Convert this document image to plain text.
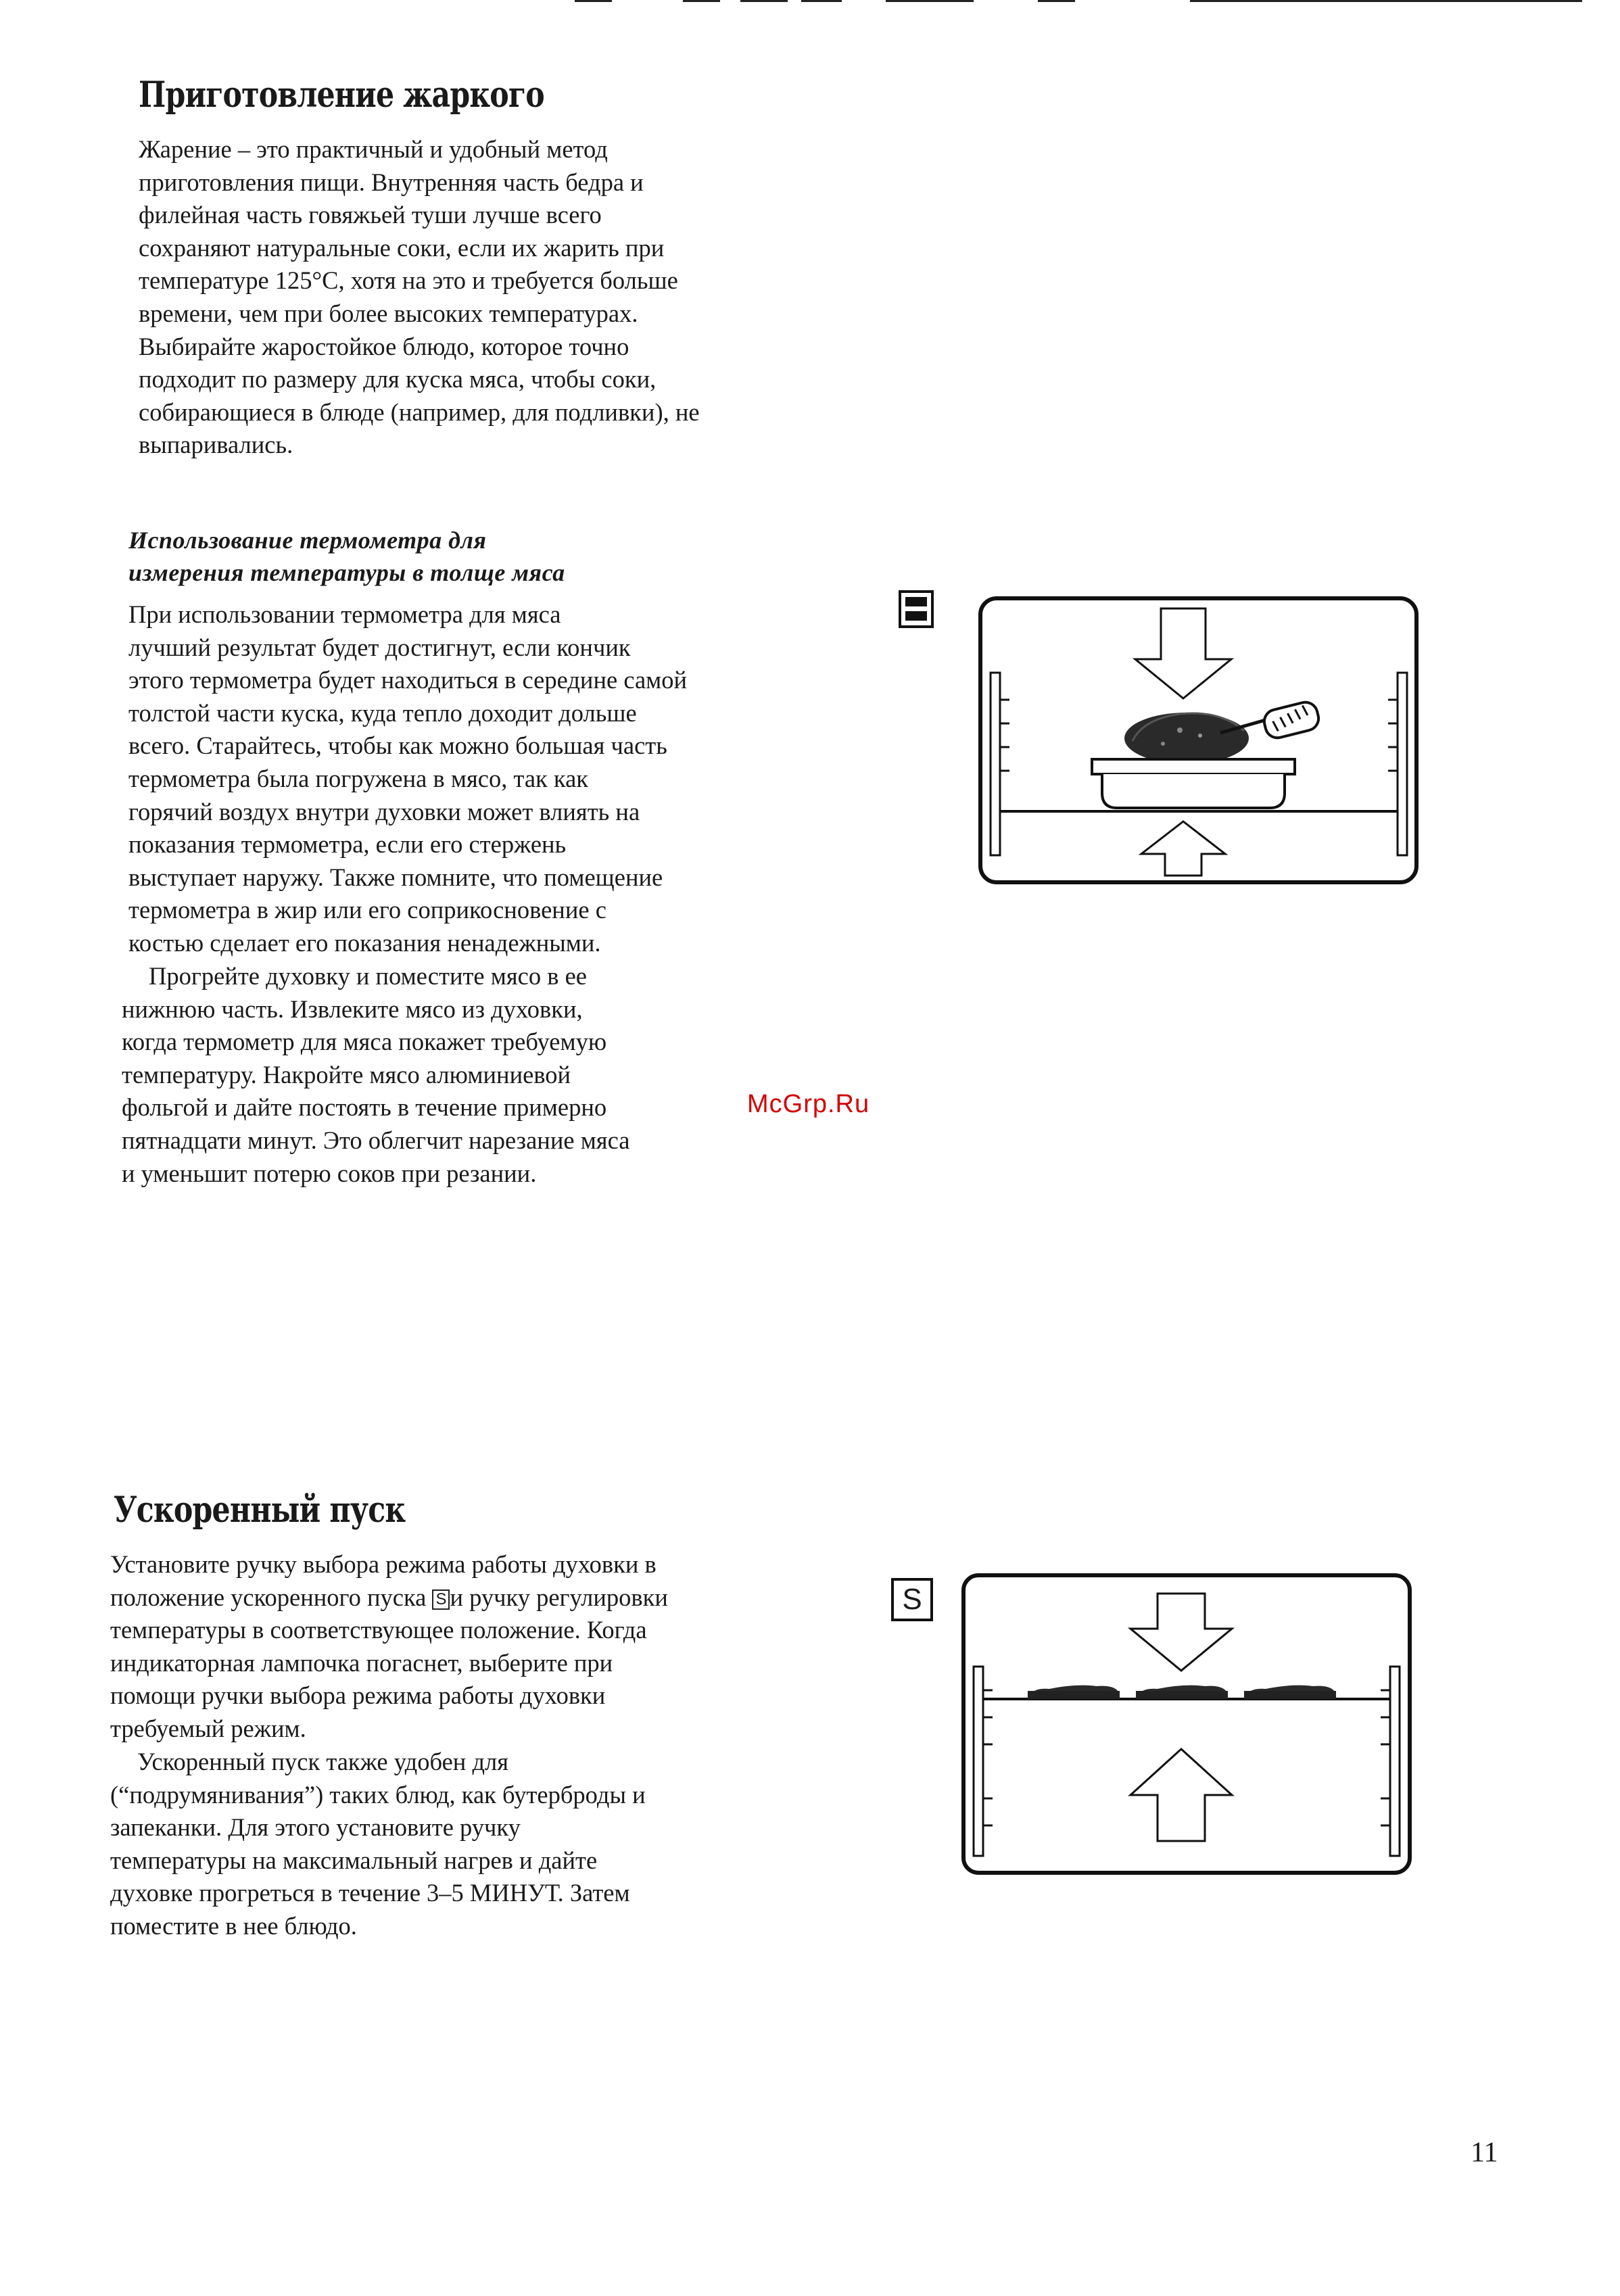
Приготовление жаркого
Жарение – это практичный и удобный метод
приготовления пищи. Внутренняя часть бедра и
филейная часть говяжьей туши лучше всего
сохраняют натуральные соки, если их жарить при
температуре 125°С, хотя на это и требуется больше
времени, чем при более высоких температурах.
Выбирайте жаростойкое блюдо, которое точно
подходит по размеру для куска мяса, чтобы соки,
собирающиеся в блюде (например, для подливки), не
выпаривались.
Использование термометра для
измерения температуры в толще мяса
При использовании термометра для мяса
лучший результат будет достигнут, если кончик
этого термометра будет находиться в середине самой
толстой части куска, куда тепло доходит дольше
всего. Старайтесь, чтобы как можно большая часть
термометра была погружена в мясо, так как
горячий воздух внутри духовки может влиять на
показания термометра, если его стержень
выступает наружу. Также помните, что помещение
термометра в жир или его соприкосновение с
костью сделает его показания ненадежными.
Прогрейте духовку и поместите мясо в ее
нижнюю часть. Извлеките мясо из духовки,
когда термометр для мяса покажет требуемую
температуру. Накройте мясо алюминиевой
фольгой и дайте постоять в течение примерно
пятнадцати минут. Это облегчит нарезание мяса
и уменьшит потерю соков при резании.
McGrp.Ru
Ускоренный пуск
Установите ручку выбора режима работы духовки в
положение ускоренного пуска S и ручку регулировки
температуры в соответствующее положение. Когда
индикаторная лампочка погаснет, выберите при
помощи ручки выбора режима работы духовки
требуемый режим.
Ускоренный пуск также удобен для
(“подрумянивания”) таких блюд, как бутерброды и
запеканки. Для этого установите ручку
температуры на максимальный нагрев и дайте
духовке прогреться в течение 3–5 МИНУТ. Затем
поместите в нее блюдо.
S
11
